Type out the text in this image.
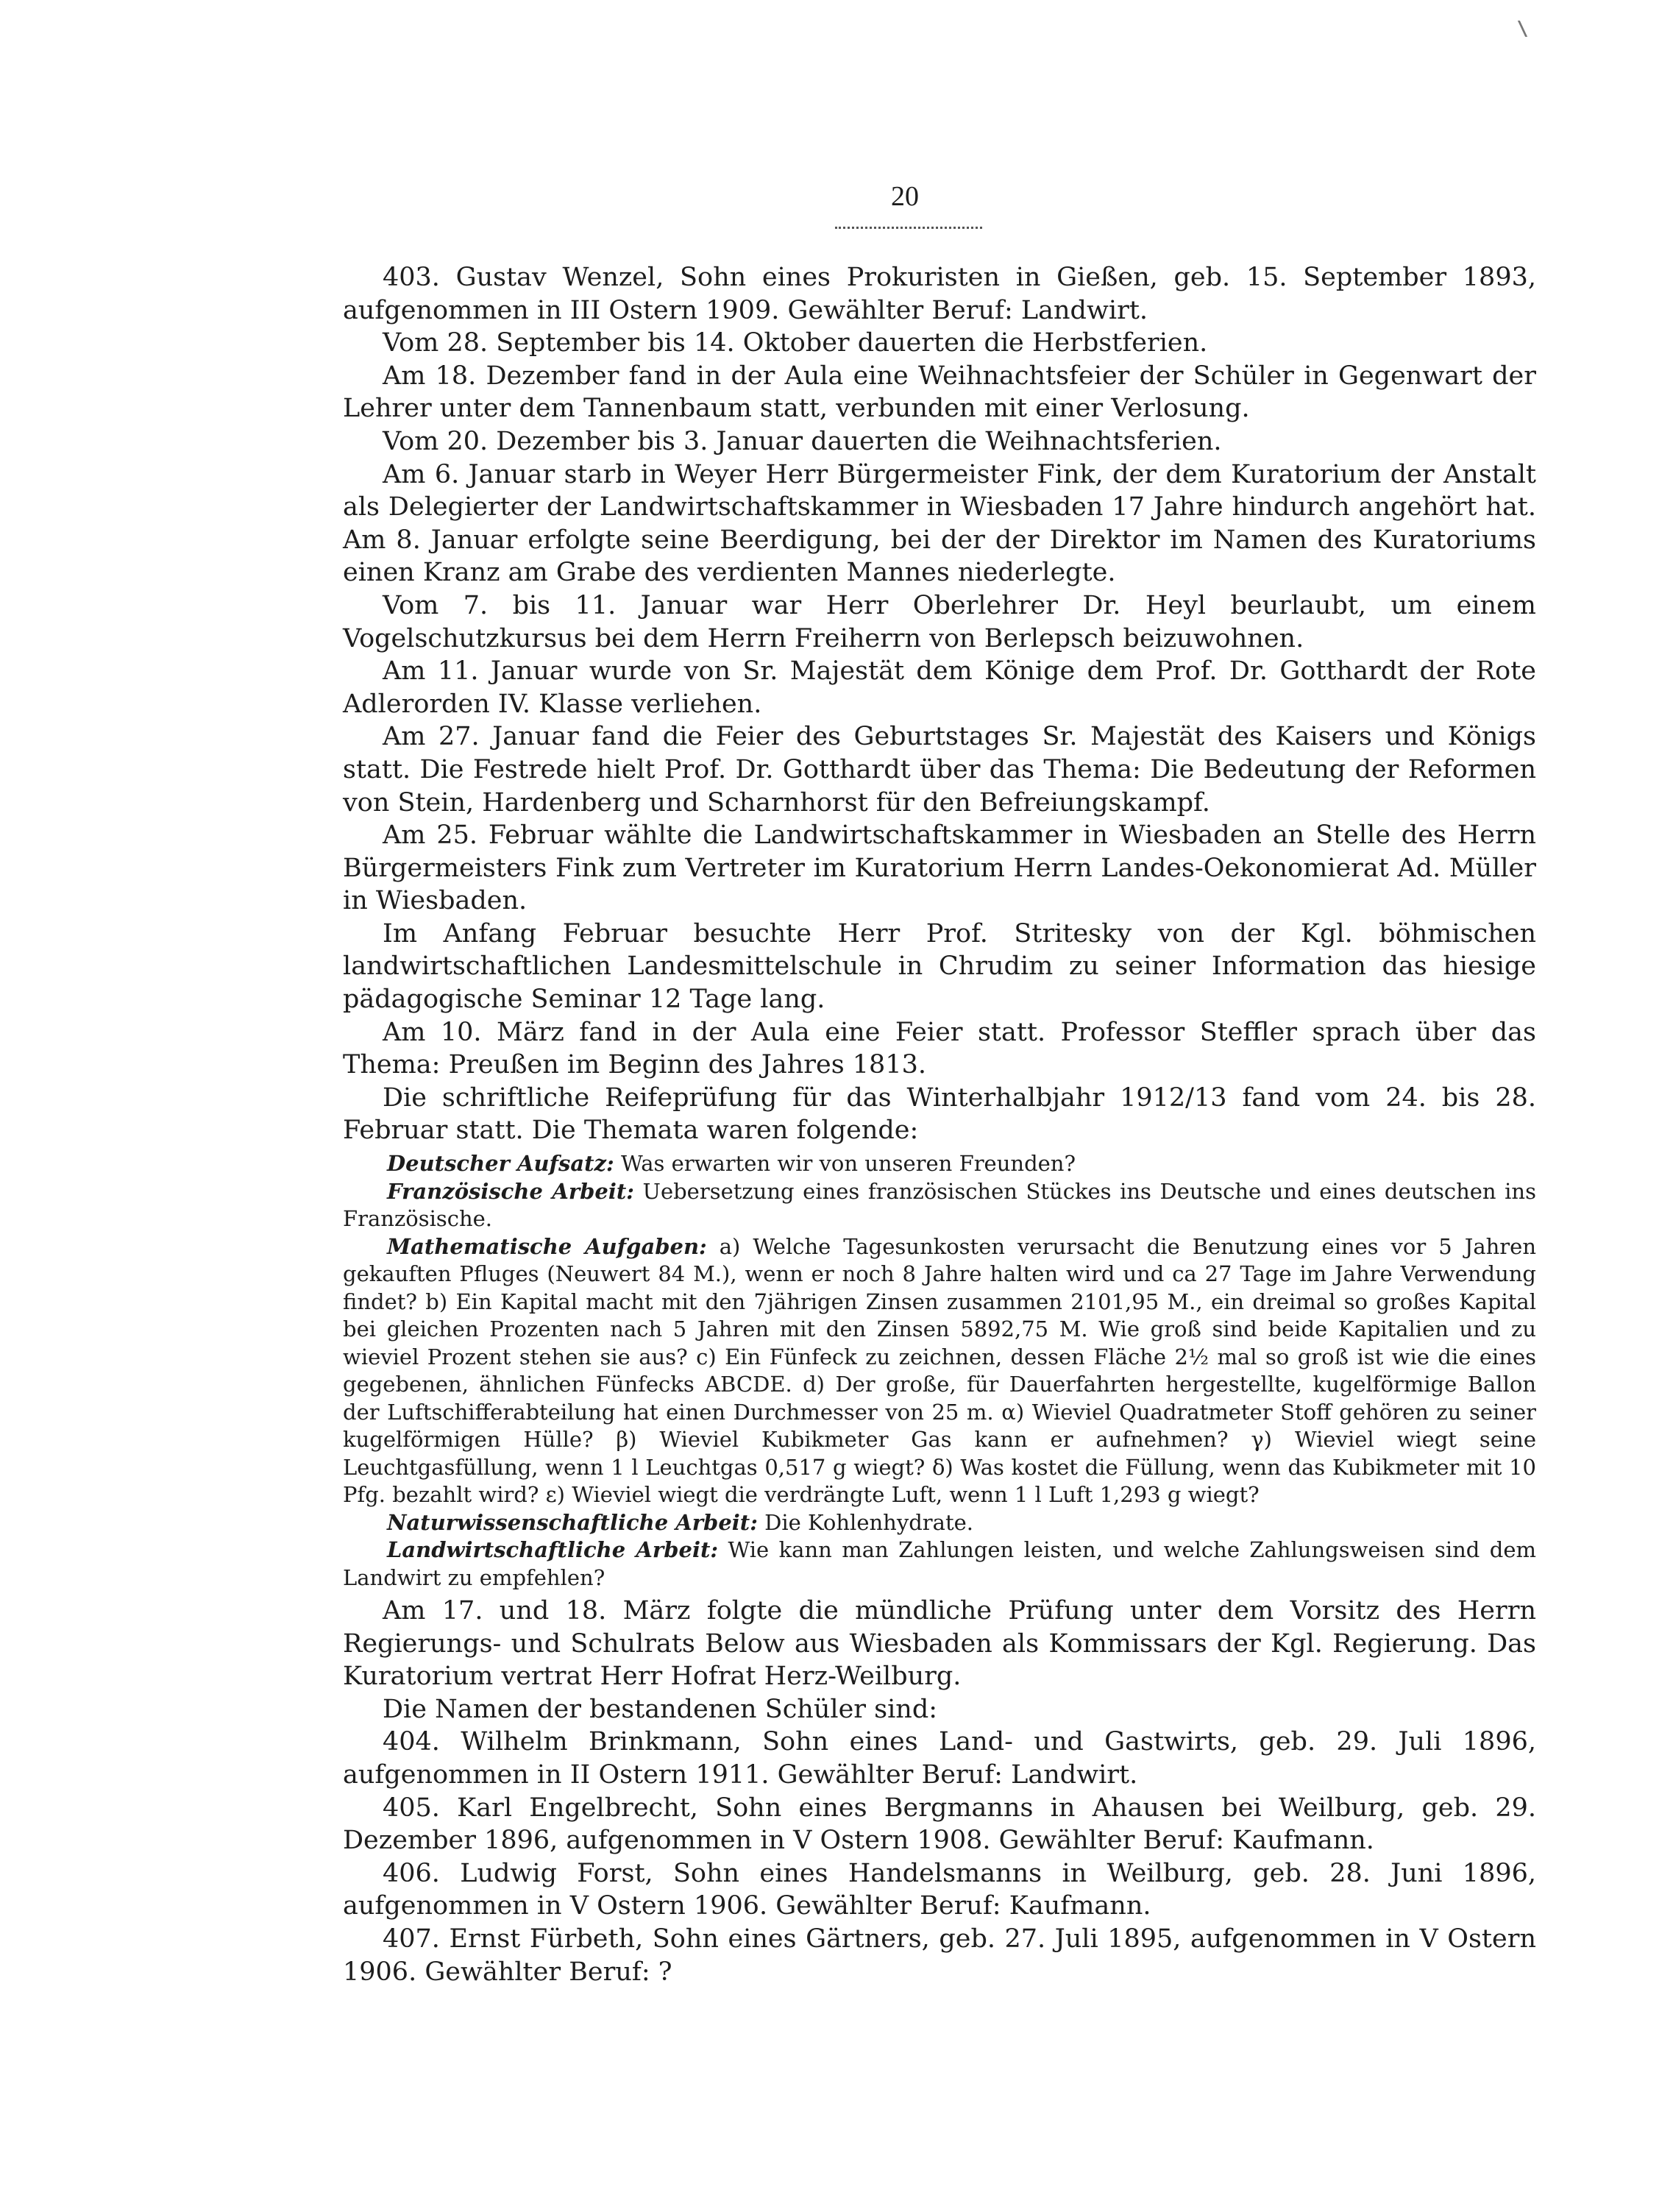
20

403. Gustav Wenzel, Sohn eines Prokuristen in Gießen, geb. 15. September 1893, aufgenommen in III Ostern 1909. Gewählter Beruf: Landwirt.

Vom 28. September bis 14. Oktober dauerten die Herbstferien.

Am 18. Dezember fand in der Aula eine Weihnachtsfeier der Schüler in Gegenwart der Lehrer unter dem Tannenbaum statt, verbunden mit einer Verlosung.

Vom 20. Dezember bis 3. Januar dauerten die Weihnachtsferien.

Am 6. Januar starb in Weyer Herr Bürgermeister Fink, der dem Kuratorium der Anstalt als Delegierter der Landwirtschaftskammer in Wiesbaden 17 Jahre hindurch angehört hat. Am 8. Januar erfolgte seine Beerdigung, bei der der Direktor im Namen des Kuratoriums einen Kranz am Grabe des verdienten Mannes niederlegte.

Vom 7. bis 11. Januar war Herr Oberlehrer Dr. Heyl beurlaubt, um einem Vogelschutzkursus bei dem Herrn Freiherrn von Berlepsch beizuwohnen.

Am 11. Januar wurde von Sr. Majestät dem Könige dem Prof. Dr. Gotthardt der Rote Adlerorden IV. Klasse verliehen.

Am 27. Januar fand die Feier des Geburtstages Sr. Majestät des Kaisers und Königs statt. Die Festrede hielt Prof. Dr. Gotthardt über das Thema: Die Bedeutung der Reformen von Stein, Hardenberg und Scharnhorst für den Befreiungskampf.

Am 25. Februar wählte die Landwirtschaftskammer in Wiesbaden an Stelle des Herrn Bürgermeisters Fink zum Vertreter im Kuratorium Herrn Landes-Oekonomierat Ad. Müller in Wiesbaden.

Im Anfang Februar besuchte Herr Prof. Stritesky von der Kgl. böhmischen landwirtschaftlichen Landesmittelschule in Chrudim zu seiner Information das hiesige pädagogische Seminar 12 Tage lang.

Am 10. März fand in der Aula eine Feier statt. Professor Steffler sprach über das Thema: Preußen im Beginn des Jahres 1813.

Die schriftliche Reifeprüfung für das Winterhalbjahr 1912/13 fand vom 24. bis 28. Februar statt. Die Themata waren folgende:

Deutscher Aufsatz: Was erwarten wir von unseren Freunden?

Französische Arbeit: Uebersetzung eines französischen Stückes ins Deutsche und eines deutschen ins Französische.

Mathematische Aufgaben: a) Welche Tagesunkosten verursacht die Benutzung eines vor 5 Jahren gekauften Pfluges (Neuwert 84 M.), wenn er noch 8 Jahre halten wird und ca 27 Tage im Jahre Verwendung findet? b) Ein Kapital macht mit den 7jährigen Zinsen zusammen 2101,95 M., ein dreimal so großes Kapital bei gleichen Prozenten nach 5 Jahren mit den Zinsen 5892,75 M. Wie groß sind beide Kapitalien und zu wieviel Prozent stehen sie aus? c) Ein Fünfeck zu zeichnen, dessen Fläche 2½ mal so groß ist wie die eines gegebenen, ähnlichen Fünfecks ABCDE. d) Der große, für Dauerfahrten hergestellte, kugelförmige Ballon der Luftschifferabteilung hat einen Durchmesser von 25 m. α) Wieviel Quadratmeter Stoff gehören zu seiner kugelförmigen Hülle? β) Wieviel Kubikmeter Gas kann er aufnehmen? γ) Wieviel wiegt seine Leuchtgasfüllung, wenn 1 l Leuchtgas 0,517 g wiegt? δ) Was kostet die Füllung, wenn das Kubikmeter mit 10 Pfg. bezahlt wird? ε) Wieviel wiegt die verdrängte Luft, wenn 1 l Luft 1,293 g wiegt?

Naturwissenschaftliche Arbeit: Die Kohlenhydrate.

Landwirtschaftliche Arbeit: Wie kann man Zahlungen leisten, und welche Zahlungsweisen sind dem Landwirt zu empfehlen?

Am 17. und 18. März folgte die mündliche Prüfung unter dem Vorsitz des Herrn Regierungs- und Schulrats Below aus Wiesbaden als Kommissars der Kgl. Regierung. Das Kuratorium vertrat Herr Hofrat Herz-Weilburg.

Die Namen der bestandenen Schüler sind:

404. Wilhelm Brinkmann, Sohn eines Land- und Gastwirts, geb. 29. Juli 1896, aufgenommen in II Ostern 1911. Gewählter Beruf: Landwirt.

405. Karl Engelbrecht, Sohn eines Bergmanns in Ahausen bei Weilburg, geb. 29. Dezember 1896, aufgenommen in V Ostern 1908. Gewählter Beruf: Kaufmann.

406. Ludwig Forst, Sohn eines Handelsmanns in Weilburg, geb. 28. Juni 1896, aufgenommen in V Ostern 1906. Gewählter Beruf: Kaufmann.

407. Ernst Fürbeth, Sohn eines Gärtners, geb. 27. Juli 1895, aufgenommen in V Ostern 1906. Gewählter Beruf: ?
